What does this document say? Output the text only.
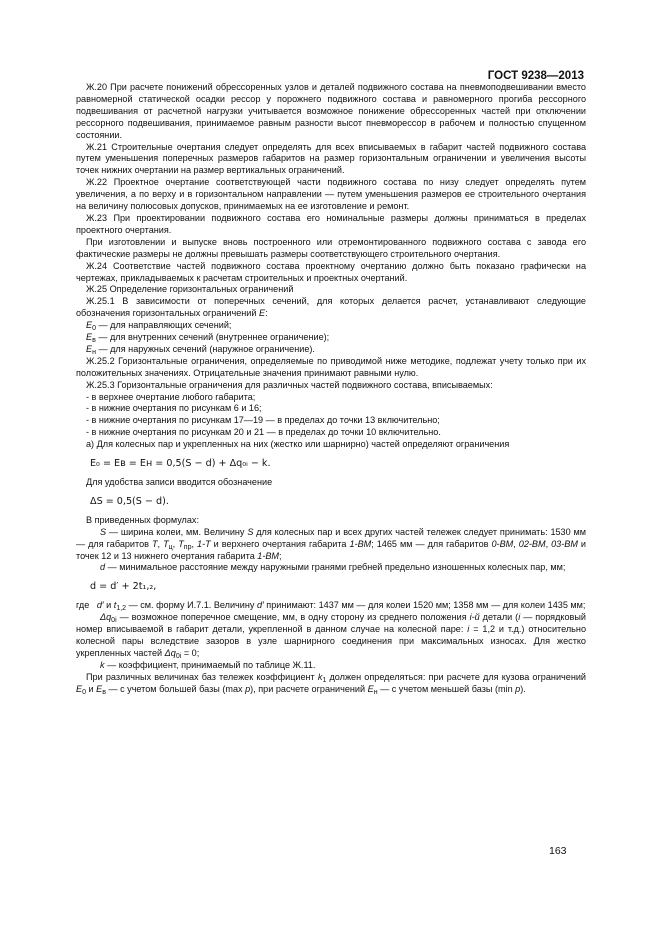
ГОСТ 9238—2013

Ж.20 При расчете понижений обрессоренных узлов и деталей подвижного состава на пневмоподвешивании вместо равномерной статической осадки рессор у порожнего подвижного состава и равномерного прогиба рессорного подвешивания от расчетной нагрузки учитывается возможное понижение обрессоренных частей при отключении рессорного подвешивания, принимаемое равным разности высот пневморессор в рабочем и полностью спущенном состоянии.

Ж.21 Строительные очертания следует определять для всех вписываемых в габарит частей подвижного состава путем уменьшения поперечных размеров габаритов на размер горизонтальным ограничении и увеличения высоты точек нижних очертании на размер вертикальных ограничений.

Ж.22 Проектное очертание соответствующей части подвижного состава по низу следует определять путем увеличения, а по верху и в горизонтальном направлении — путем уменьшения размеров ее строительного очертания на величину полюсовых допусков, принимаемых на ее изготовление и ремонт.

Ж.23 При проектировании подвижного состава его номинальные размеры должны приниматься в пределах проектного очертания.

При изготовлении и выпуске вновь построенного или отремонтированного подвижного состава с завода его фактические размеры не должны превышать размеры соответствующего строительного очертания.

Ж.24 Соответствие частей подвижного состава проектному очертанию должно быть показано графически на чертежах, прикладываемых к расчетам строительных и проектных очертаний.

Ж.25 Определение горизонтальных ограничений

Ж.25.1 В зависимости от поперечных сечений, для которых делается расчет, устанавливают следующие обозначения горизонтальных ограничений Е:

$E_0$ — для направляющих сечений;

$E_в$ — для внутренних сечений (внутреннее ограничение);

$E_н$ — для наружных сечений (наружное ограничение).

Ж.25.2 Горизонтальные ограничения, определяемые по приводимой ниже методике, подлежат учету только при их положительных значениях. Отрицательные значения принимают равными нулю.

Ж.25.3 Горизонтальные ограничения для различных частей подвижного состава, вписываемых:

- в верхнее очертание любого габарита;

- в нижние очертания по рисункам 6 и 16;

- в нижние очертания по рисункам 17—19 — в пределах до точки 13 включительно;

- в нижние очертания по рисункам 20 и 21 — в пределах до точки 10 включительно.

а) Для колесных пар и укрепленных на них (жестко или шарнирно) частей определяют ограничения

E₀ = Eв = Eн = 0,5(S − d) + Δq₀ᵢ − k.

Для удобства записи вводится обозначение

ΔS = 0,5(S − d).

В приведенных формулах:

S — ширина колеи, мм. Величину S для колесных пар и всех других частей тележек следует принимать: 1530 мм — для габаритов T, $T_ц$, $T_{пр}$, 1-Т и верхнего очертания габарита 1-ВМ; 1465 мм — для габаритов 0-ВМ, 02-ВМ, 03-ВМ и точек 12 и 13 нижнего очертания габарита 1-ВМ;

d — минимальное расстояние между наружными гранями гребней предельно изношенных колесных пар, мм;

d = d′ + 2t₁,₂,

где d′ и $t_{1,2}$ — см. форму И.7.1. Величину d′ принимают: 1437 мм — для колеи 1520 мм; 1358 мм — для колеи 1435 мм;

$\Delta q_{0i}$ — возможное поперечное смещение, мм, в одну сторону из среднего положения i-й детали (i — порядковый номер вписываемой в габарит детали, укрепленной в данном случае на колесной паре: i = 1,2 и т.д.) относительно колесной пары вследствие зазоров в узле шарнирного соединения при максимальных износах. Для жестко укрепленных частей $\Delta q_{0i} = 0$;

k — коэффициент, принимаемый по таблице Ж.11.

При различных величинах баз тележек коэффициент $k_1$ должен определяться: при расчете для кузова ограничений $E_0$ и $E_в$ — с учетом большей базы (max p), при расчете ограничений $E_н$ — с учетом меньшей базы (min p).

163
